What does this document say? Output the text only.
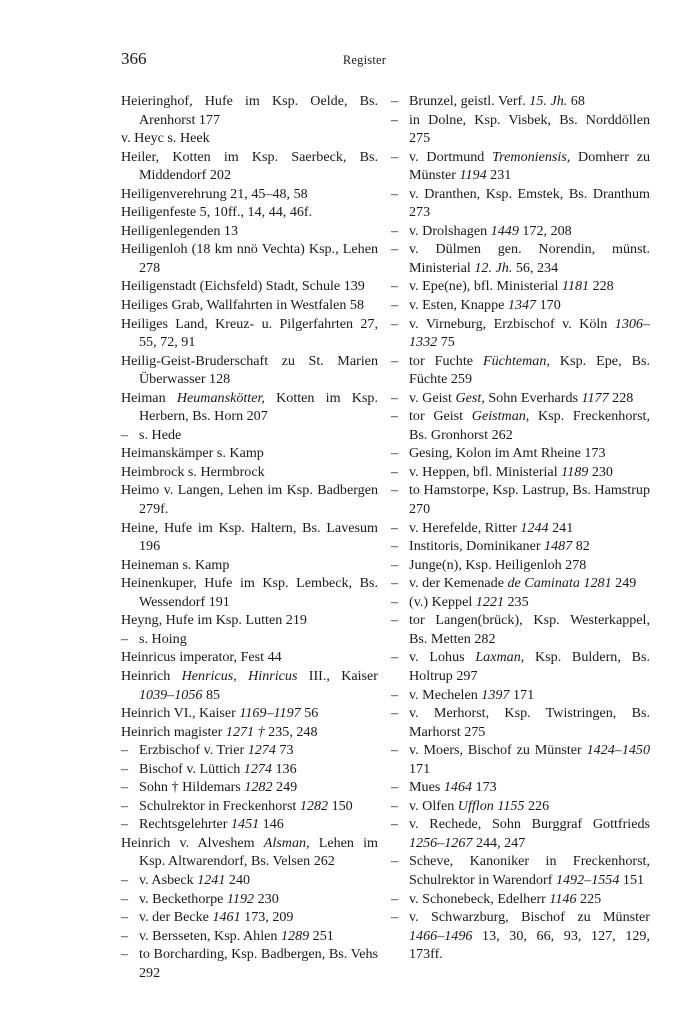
366	Register

Heieringhof, Hufe im Ksp. Oelde, Bs. Arenhorst 177

v. Heyc s. Heek

Heiler, Kotten im Ksp. Saerbeck, Bs. Middendorf 202

Heiligenverehrung 21, 45–48, 58

Heiligenfeste 5, 10ff., 14, 44, 46f.

Heiligenlegenden 13

Heiligenloh (18 km nnö Vechta) Ksp., Lehen 278

Heiligenstadt (Eichsfeld) Stadt, Schule 139

Heiliges Grab, Wallfahrten in Westfalen 58

Heiliges Land, Kreuz- u. Pilgerfahrten 27, 55, 72, 91

Heilig-Geist-Bruderschaft zu St. Marien Überwasser 128

Heiman Heumanskötter, Kotten im Ksp. Herbern, Bs. Horn 207

– s. Hede

Heimanskämper s. Kamp

Heimbrock s. Hermbrock

Heimo v. Langen, Lehen im Ksp. Badbergen 279f.

Heine, Hufe im Ksp. Haltern, Bs. Lavesum 196

Heineman s. Kamp

Heinenkuper, Hufe im Ksp. Lembeck, Bs. Wessendorf 191

Heyng, Hufe im Ksp. Lutten 219

– s. Hoing

Heinricus imperator, Fest 44

Heinrich Henricus, Hinricus III., Kaiser 1039–1056 85

Heinrich VI., Kaiser 1169–1197 56

Heinrich magister 1271 † 235, 248

– Erzbischof v. Trier 1274 73

– Bischof v. Lüttich 1274 136

– Sohn † Hildemars 1282 249

– Schulrektor in Freckenhorst 1282 150

– Rechtsgelehrter 1451 146

Heinrich v. Alveshem Alsman, Lehen im Ksp. Altwarendorf, Bs. Velsen 262

– v. Asbeck 1241 240

– v. Beckethorpe 1192 230

– v. der Becke 1461 173, 209

– v. Bersseten, Ksp. Ahlen 1289 251

– to Borcharding, Ksp. Badbergen, Bs. Vehs 292

– Brunzel, geistl. Verf. 15. Jh. 68

– in Dolne, Ksp. Visbek, Bs. Norddöllen 275

– v. Dortmund Tremoniensis, Domherr zu Münster 1194 231

– v. Dranthen, Ksp. Emstek, Bs. Dranthum 273

– v. Drolshagen 1449 172, 208

– v. Dülmen gen. Norendin, münst. Ministerial 12. Jh. 56, 234

– v. Epe(ne), bfl. Ministerial 1181 228

– v. Esten, Knappe 1347 170

– v. Virneburg, Erzbischof v. Köln 1306–1332 75

– tor Fuchte Füchteman, Ksp. Epe, Bs. Füchte 259

– v. Geist Gest, Sohn Everhards 1177 228

– tor Geist Geistman, Ksp. Freckenhorst, Bs. Gronhorst 262

– Gesing, Kolon im Amt Rheine 173

– v. Heppen, bfl. Ministerial 1189 230

– to Hamstorpe, Ksp. Lastrup, Bs. Hamstrup 270

– v. Herefelde, Ritter 1244 241

– Institoris, Dominikaner 1487 82

– Junge(n), Ksp. Heiligenloh 278

– v. der Kemenade de Caminata 1281 249

– (v.) Keppel 1221 235

– tor Langen(brück), Ksp. Westerkappel, Bs. Metten 282

– v. Lohus Laxman, Ksp. Buldern, Bs. Holtrup 297

– v. Mechelen 1397 171

– v. Merhorst, Ksp. Twistringen, Bs. Marhorst 275

– v. Moers, Bischof zu Münster 1424–1450 171

– Mues 1464 173

– v. Olfen Ufflon 1155 226

– v. Rechede, Sohn Burggraf Gottfrieds 1256–1267 244, 247

– Scheve, Kanoniker in Freckenhorst, Schulrektor in Warendorf 1492–1554 151

– v. Schonebeck, Edelherr 1146 225

– v. Schwarzburg, Bischof zu Münster 1466–1496 13, 30, 66, 93, 127, 129, 173ff.
